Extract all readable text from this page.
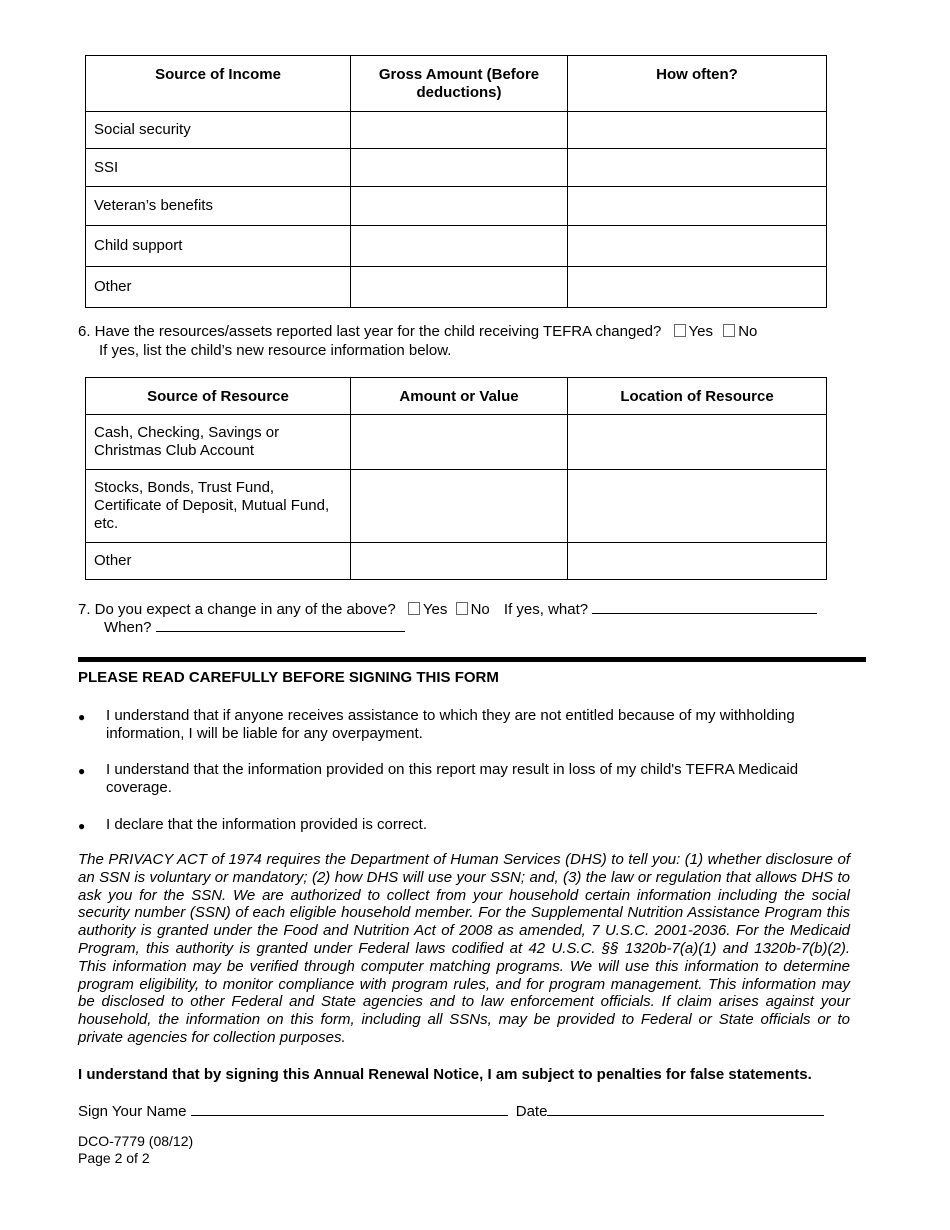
Source of Income	Gross Amount (Before deductions)	How often?
Social security		
SSI		
Veteran’s benefits		
Child support		
Other		
6. Have the resources/assets reported last year for the child receiving TEFRA changed? Yes No
If yes, list the child’s new resource information below.
Source of Resource	Amount or Value	Location of Resource
Cash, Checking, Savings or Christmas Club Account		
Stocks, Bonds, Trust Fund, Certificate of Deposit, Mutual Fund, etc.		
Other		
7. Do you expect a change in any of the above? Yes No If yes, what?
When?
PLEASE READ CAREFULLY BEFORE SIGNING THIS FORM
● I understand that if anyone receives assistance to which they are not entitled because of my withholding information, I will be liable for any overpayment.
● I understand that the information provided on this report may result in loss of my child's TEFRA Medicaid coverage.
● I declare that the information provided is correct.
The PRIVACY ACT of 1974 requires the Department of Human Services (DHS) to tell you: (1) whether disclosure of an SSN is voluntary or mandatory; (2) how DHS will use your SSN; and, (3) the law or regulation that allows DHS to ask you for the SSN. We are authorized to collect from your household certain information including the social security number (SSN) of each eligible household member. For the Supplemental Nutrition Assistance Program this authority is granted under the Food and Nutrition Act of 2008 as amended, 7 U.S.C. 2001-2036. For the Medicaid Program, this authority is granted under Federal laws codified at 42 U.S.C. §§ 1320b-7(a)(1) and 1320b-7(b)(2). This information may be verified through computer matching programs. We will use this information to determine program eligibility, to monitor compliance with program rules, and for program management. This information may be disclosed to other Federal and State agencies and to law enforcement officials. If claim arises against your household, the information on this form, including all SSNs, may be provided to Federal or State officials or to private agencies for collection purposes.
I understand that by signing this Annual Renewal Notice, I am subject to penalties for false statements.
Sign Your Name	Date
DCO-7779 (08/12)
Page 2 of 2
